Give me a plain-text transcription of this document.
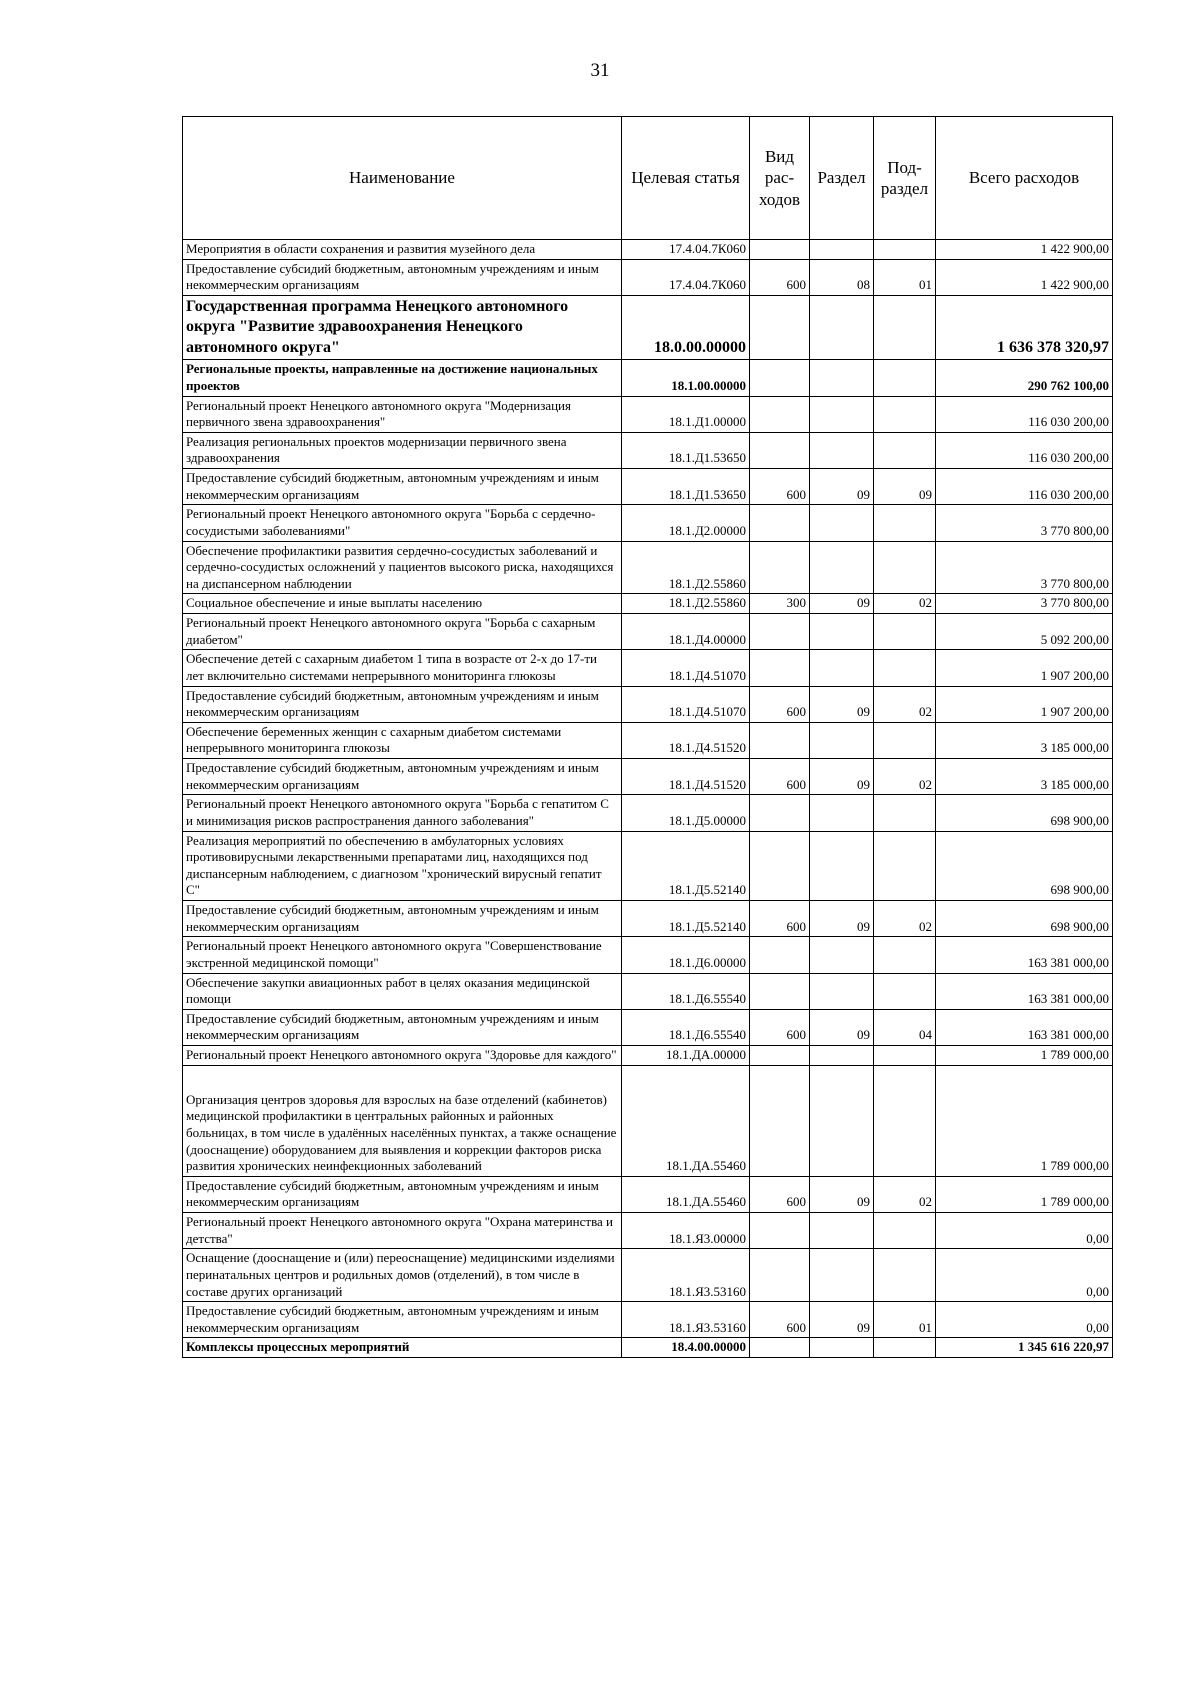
31
Наименование	Целевая статья	Вид рас-ходов	Раздел	Под-раздел	Всего расходов
Мероприятия в области сохранения и развития музейного дела	17.4.04.7К060				1 422 900,00
Предоставление субсидий бюджетным, автономным учреждениям и иным некоммерческим организациям	17.4.04.7К060	600	08	01	1 422 900,00
Государственная программа Ненецкого автономного округа "Развитие здравоохранения Ненецкого автономного округа"	18.0.00.00000				1 636 378 320,97
Региональные проекты, направленные на достижение национальных проектов	18.1.00.00000				290 762 100,00
Региональный проект Ненецкого автономного округа "Модернизация первичного звена здравоохранения"	18.1.Д1.00000				116 030 200,00
Реализация региональных проектов модернизации первичного звена здравоохранения	18.1.Д1.53650				116 030 200,00
Предоставление субсидий бюджетным, автономным учреждениям и иным некоммерческим организациям	18.1.Д1.53650	600	09	09	116 030 200,00
Региональный проект Ненецкого автономного округа "Борьба с сердечно-сосудистыми заболеваниями"	18.1.Д2.00000				3 770 800,00
Обеспечение профилактики развития сердечно-сосудистых заболеваний и сердечно-сосудистых осложнений у пациентов высокого риска, находящихся на диспансерном наблюдении	18.1.Д2.55860				3 770 800,00
Социальное обеспечение и иные выплаты населению	18.1.Д2.55860	300	09	02	3 770 800,00
Региональный проект Ненецкого автономного округа "Борьба с сахарным диабетом"	18.1.Д4.00000				5 092 200,00
Обеспечение детей с сахарным диабетом 1 типа в возрасте от 2-х до 17-ти лет включительно системами непрерывного мониторинга глюкозы	18.1.Д4.51070				1 907 200,00
Предоставление субсидий бюджетным, автономным учреждениям и иным некоммерческим организациям	18.1.Д4.51070	600	09	02	1 907 200,00
Обеспечение беременных женщин с сахарным диабетом системами непрерывного мониторинга глюкозы	18.1.Д4.51520				3 185 000,00
Предоставление субсидий бюджетным, автономным учреждениям и иным некоммерческим организациям	18.1.Д4.51520	600	09	02	3 185 000,00
Региональный проект Ненецкого автономного округа "Борьба с гепатитом С и минимизация рисков распространения данного заболевания"	18.1.Д5.00000				698 900,00
Реализация мероприятий по обеспечению в амбулаторных условиях противовирусными лекарственными препаратами лиц, находящихся под диспансерным наблюдением, с диагнозом "хронический вирусный гепатит С"	18.1.Д5.52140				698 900,00
Предоставление субсидий бюджетным, автономным учреждениям и иным некоммерческим организациям	18.1.Д5.52140	600	09	02	698 900,00
Региональный проект Ненецкого автономного округа "Совершенствование экстренной медицинской помощи"	18.1.Д6.00000				163 381 000,00
Обеспечение закупки авиационных работ в целях оказания медицинской помощи	18.1.Д6.55540				163 381 000,00
Предоставление субсидий бюджетным, автономным учреждениям и иным некоммерческим организациям	18.1.Д6.55540	600	09	04	163 381 000,00
Региональный проект Ненецкого автономного округа "Здоровье для каждого"	18.1.ДА.00000				1 789 000,00
Организация центров здоровья для взрослых на базе отделений (кабинетов) медицинской профилактики в центральных районных и районных больницах, в том числе в удалённых населённых пунктах, а также оснащение (дооснащение) оборудованием для выявления и коррекции факторов риска развития хронических неинфекционных заболеваний	18.1.ДА.55460				1 789 000,00
Предоставление субсидий бюджетным, автономным учреждениям и иным некоммерческим организациям	18.1.ДА.55460	600	09	02	1 789 000,00
Региональный проект Ненецкого автономного округа "Охрана материнства и детства"	18.1.Я3.00000				0,00
Оснащение (дооснащение и (или) переоснащение) медицинскими изделиями перинатальных центров и родильных домов (отделений), в том числе в составе других организаций	18.1.Я3.53160				0,00
Предоставление субсидий бюджетным, автономным учреждениям и иным некоммерческим организациям	18.1.Я3.53160	600	09	01	0,00
Комплексы процессных мероприятий	18.4.00.00000				1 345 616 220,97
